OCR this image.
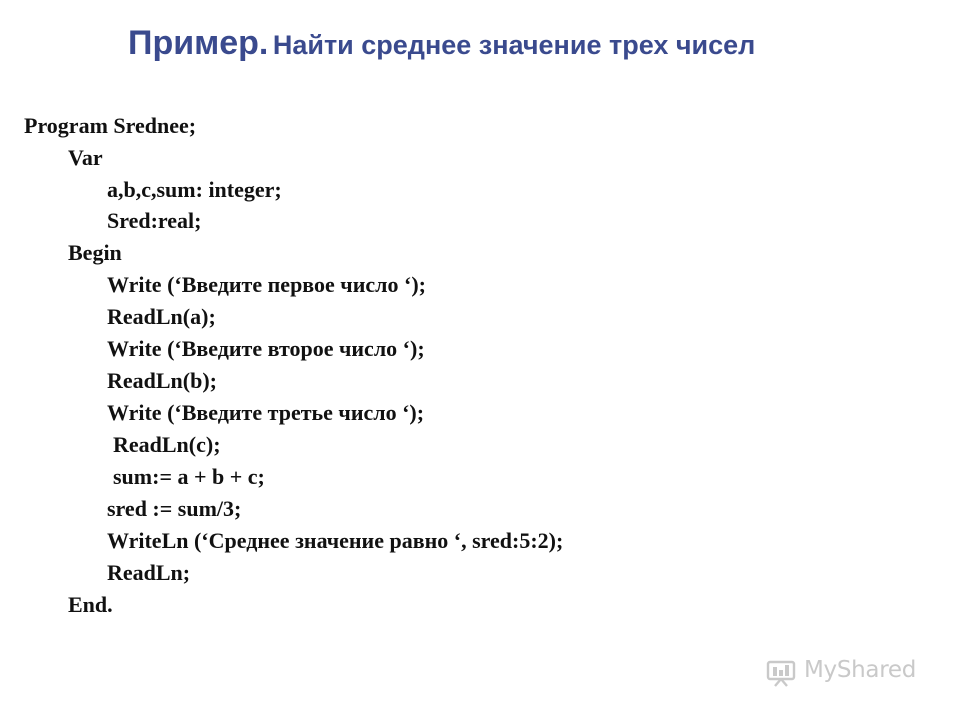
Пример. Найти среднее значение трех чисел
Program Srednee;
Var
a,b,c,sum: integer;
Sred:real;
Begin
Write (‘Введите первое число ‘);
ReadLn(a);
Write (‘Введите второе число ‘);
ReadLn(b);
Write (‘Введите третье число ‘);
ReadLn(c);
sum:= a + b + c;
sred := sum/3;
WriteLn (‘Среднее значение равно ‘, sred:5:2);
ReadLn;
End.
MyShared
